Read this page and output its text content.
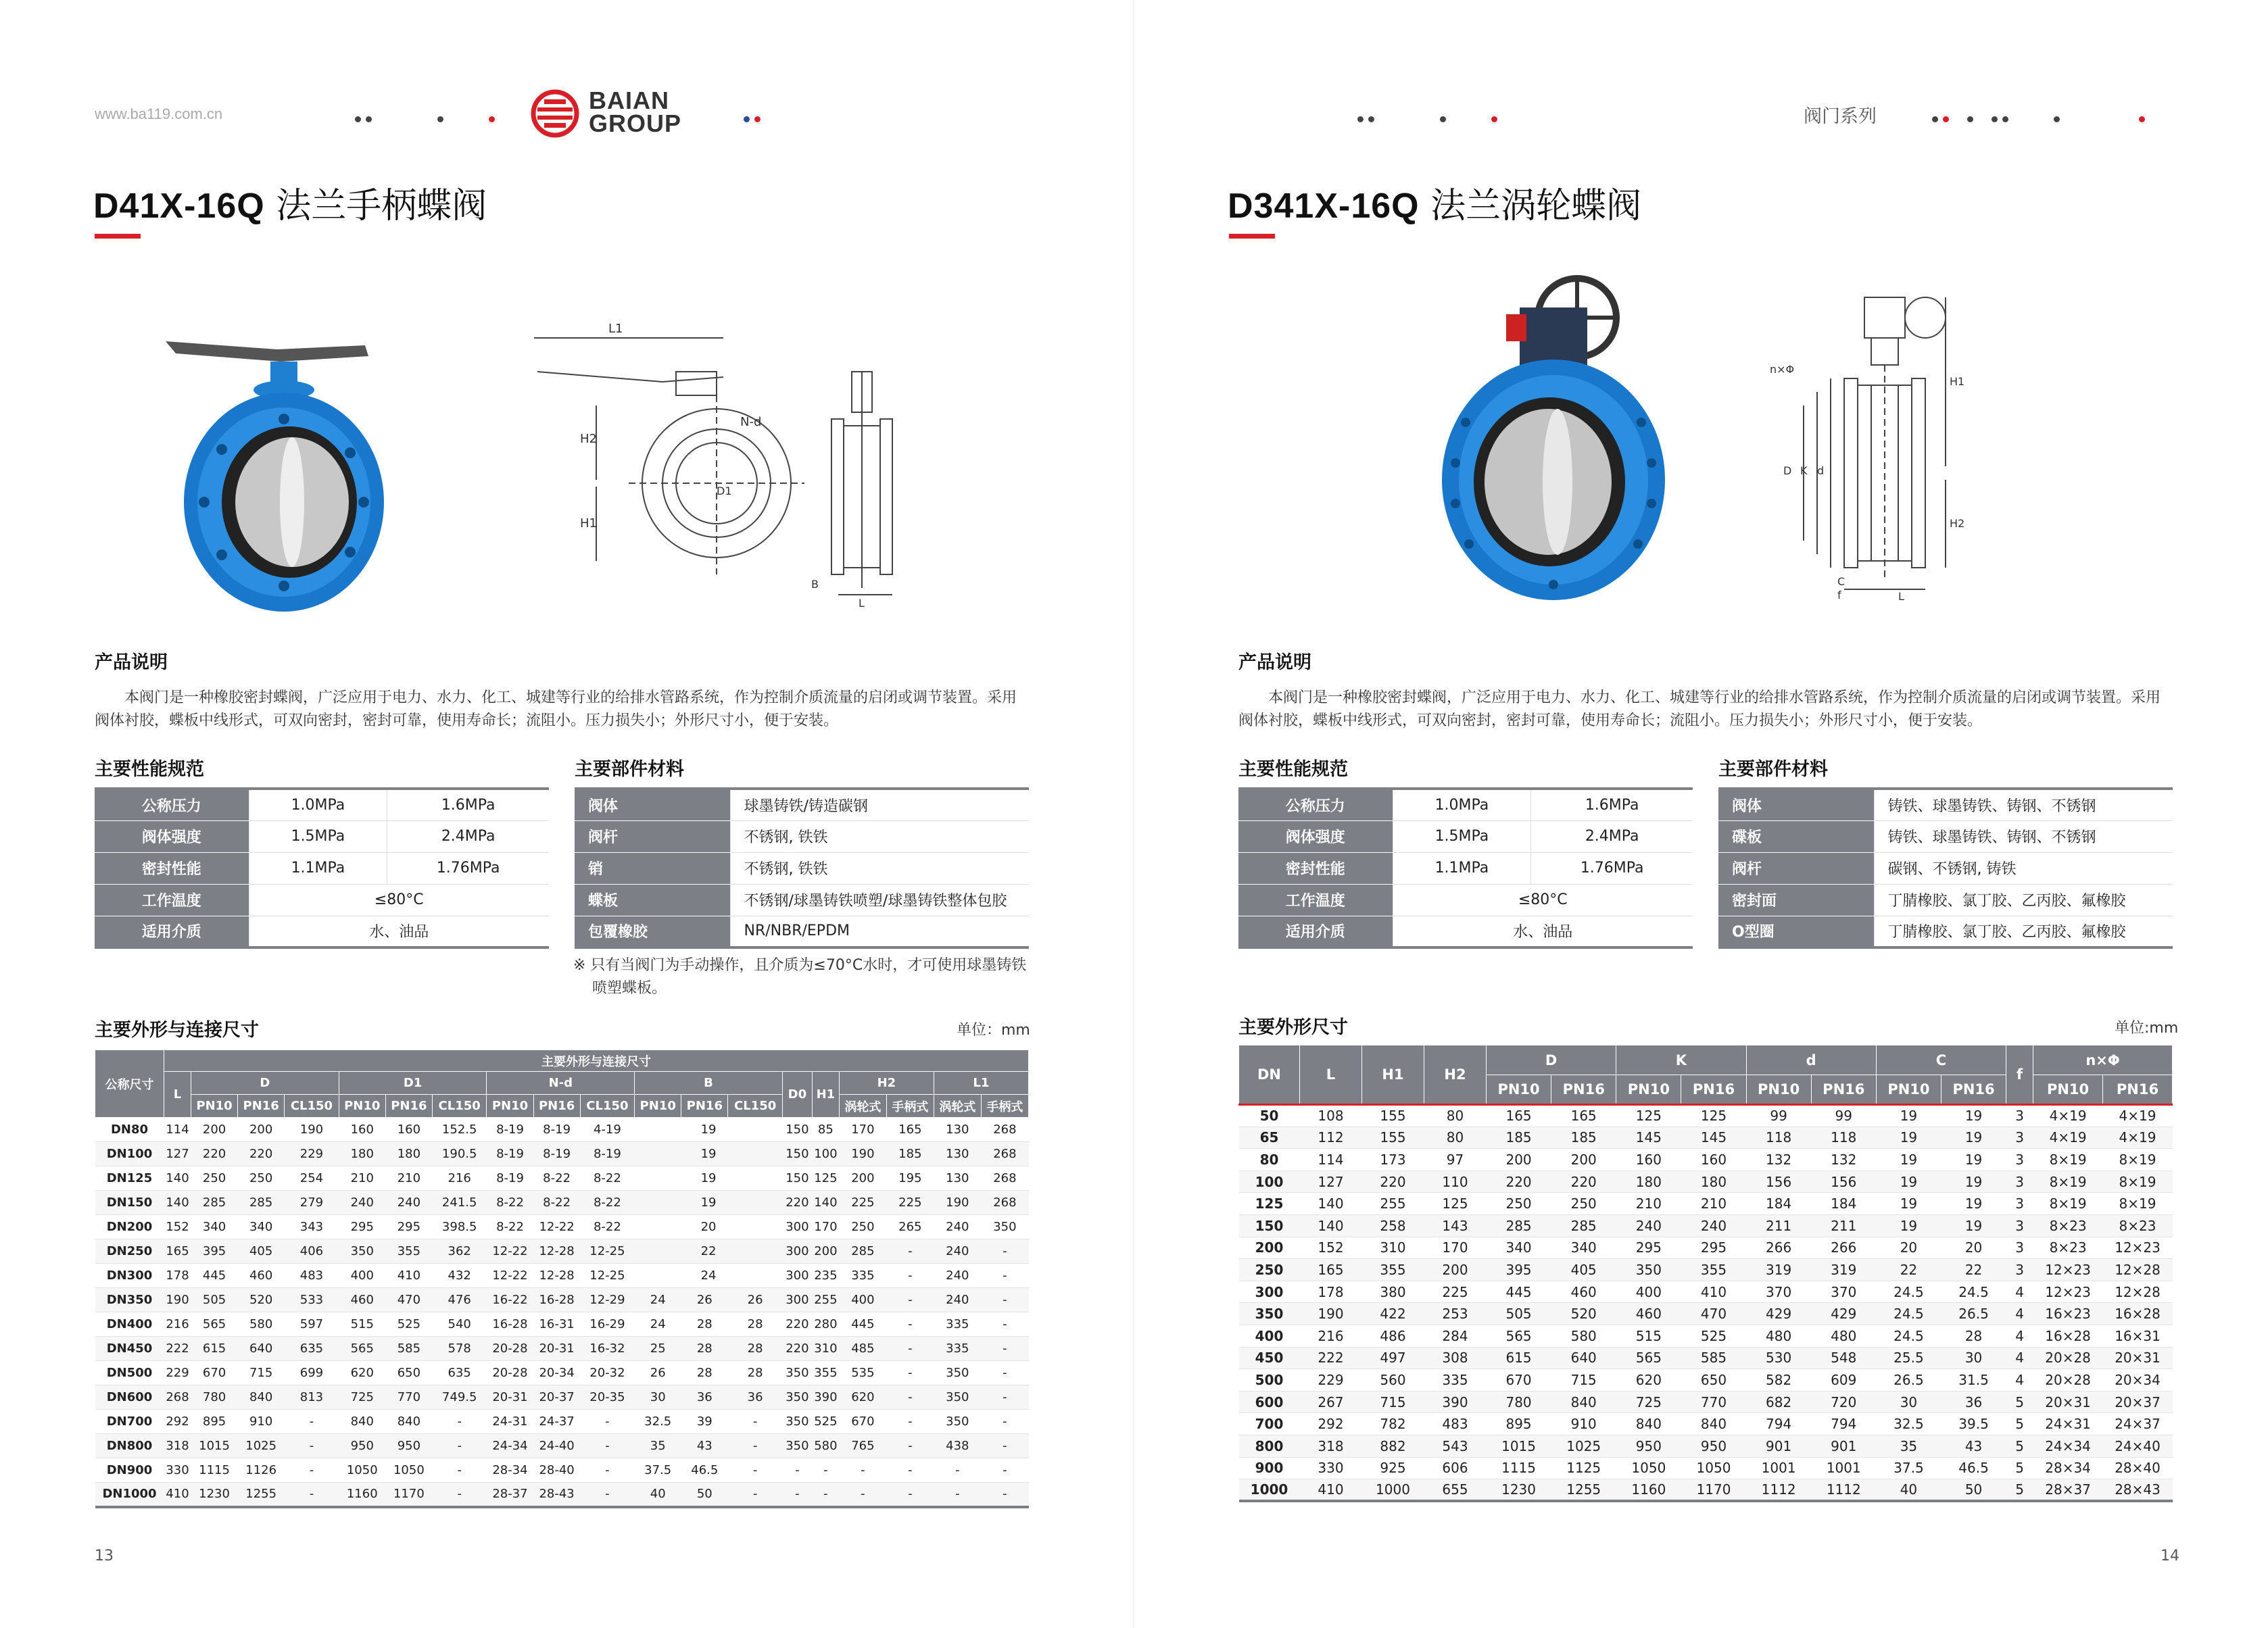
www.ba119.com.cn	BAIAN
GROUP
D41X-16Q 法兰手柄蝶阀
L1
H2
H1
N-d
D1
B
L
产品说明
本阀门是一种橡胶密封蝶阀，广泛应用于电力、水力、化工、城建等行业的给排水管路系统，作为控制介质流量的启闭或调节装置。采用阀体衬胶，蝶板中线形式，可双向密封，密封可靠，使用寿命长；流阻小。压力损失小；外形尺寸小，便于安装。
主要性能规范
公称压力	1.0MPa	1.6MPa
阀体强度	1.5MPa	2.4MPa
密封性能	1.1MPa	1.76MPa
工作温度	≤80°C	
适用介质	水、油品	
主要部件材料
阀体	球墨铸铁/铸造碳钢
阀杆	不锈钢, 铁铁
销	不锈钢, 铁铁
蝶板	不锈钢/球墨铸铁喷塑/球墨铸铁整体包胶
包覆橡胶	NR/NBR/EPDM
※ 只有当阀门为手动操作，且介质为≤70°C水时，才可使用球墨铸铁
喷塑蝶板。
主要外形与连接尺寸	单位：mm
公称尺寸	主要外形与连接尺寸																		
	L	D			D1			N-d			B			D0	H1	H2		L1	
		PN10	PN16	CL150	PN10	PN16	CL150	PN10	PN16	CL150	PN10	PN16	CL150			涡轮式	手柄式	涡轮式	手柄式
DN80	114	200	200	190	160	160	152.5	8-19	8-19	4-19	19			150	85	170	165	130	268
DN100	127	220	220	229	180	180	190.5	8-19	8-19	8-19	19			150	100	190	185	130	268
DN125	140	250	250	254	210	210	216	8-19	8-22	8-22	19			150	125	200	195	130	268
DN150	140	285	285	279	240	240	241.5	8-22	8-22	8-22	19			220	140	225	225	190	268
DN200	152	340	340	343	295	295	398.5	8-22	12-22	8-22	20			300	170	250	265	240	350
DN250	165	395	405	406	350	355	362	12-22	12-28	12-25	22			300	200	285	-	240	-
DN300	178	445	460	483	400	410	432	12-22	12-28	12-25	24			300	235	335	-	240	-
DN350	190	505	520	533	460	470	476	16-22	16-28	12-29	24	26	26	300	255	400	-	240	-
DN400	216	565	580	597	515	525	540	16-28	16-31	16-29	24	28	28	220	280	445	-	335	-
DN450	222	615	640	635	565	585	578	20-28	20-31	16-32	25	28	28	220	310	485	-	335	-
DN500	229	670	715	699	620	650	635	20-28	20-34	20-32	26	28	28	350	355	535	-	350	-
DN600	268	780	840	813	725	770	749.5	20-31	20-37	20-35	30	36	36	350	390	620	-	350	-
DN700	292	895	910	-	840	840	-	24-31	24-37	-	32.5	39	-	350	525	670	-	350	-
DN800	318	1015	1025	-	950	950	-	24-34	24-40	-	35	43	-	350	580	765	-	438	-
DN900	330	1115	1126	-	1050	1050	-	28-34	28-40	-	37.5	46.5	-	-	-	-	-	-	-
DN1000	410	1230	1255	-	1160	1170	-	28-37	28-43	-	40	50	-	-	-	-	-	-	-
13
阀门系列
D341X-16Q 法兰涡轮蝶阀
n×Φ
D K d
H1
H2
C
f	L
产品说明
本阀门是一种橡胶密封蝶阀，广泛应用于电力、水力、化工、城建等行业的给排水管路系统，作为控制介质流量的启闭或调节装置。采用阀体衬胶，蝶板中线形式，可双向密封，密封可靠，使用寿命长；流阻小。压力损失小；外形尺寸小，便于安装。
主要性能规范
公称压力	1.0MPa	1.6MPa
阀体强度	1.5MPa	2.4MPa
密封性能	1.1MPa	1.76MPa
工作温度	≤80°C	
适用介质	水、油品	
主要部件材料
阀体	铸铁、球墨铸铁、铸钢、不锈钢
碟板	铸铁、球墨铸铁、铸钢、不锈钢
阀杆	碳钢、不锈钢, 铸铁
密封面	丁腈橡胶、氯丁胶、乙丙胶、氟橡胶
O型圈	丁腈橡胶、氯丁胶、乙丙胶、氟橡胶
主要外形尺寸	单位:mm
DN	L	H1	H2	D		K		d		C		f	n×Φ	
				PN10	PN16	PN10	PN16	PN10	PN16	PN10	PN16		PN10	PN16
50	108	155	80	165	165	125	125	99	99	19	19	3	4×19	4×19
65	112	155	80	185	185	145	145	118	118	19	19	3	4×19	4×19
80	114	173	97	200	200	160	160	132	132	19	19	3	8×19	8×19
100	127	220	110	220	220	180	180	156	156	19	19	3	8×19	8×19
125	140	255	125	250	250	210	210	184	184	19	19	3	8×19	8×19
150	140	258	143	285	285	240	240	211	211	19	19	3	8×23	8×23
200	152	310	170	340	340	295	295	266	266	20	20	3	8×23	12×23
250	165	355	200	395	405	350	355	319	319	22	22	3	12×23	12×28
300	178	380	225	445	460	400	410	370	370	24.5	24.5	4	12×23	12×28
350	190	422	253	505	520	460	470	429	429	24.5	26.5	4	16×23	16×28
400	216	486	284	565	580	515	525	480	480	24.5	28	4	16×28	16×31
450	222	497	308	615	640	565	585	530	548	25.5	30	4	20×28	20×31
500	229	560	335	670	715	620	650	582	609	26.5	31.5	4	20×28	20×34
600	267	715	390	780	840	725	770	682	720	30	36	5	20×31	20×37
700	292	782	483	895	910	840	840	794	794	32.5	39.5	5	24×31	24×37
800	318	882	543	1015	1025	950	950	901	901	35	43	5	24×34	24×40
900	330	925	606	1115	1125	1050	1050	1001	1001	37.5	46.5	5	28×34	28×40
1000	410	1000	655	1230	1255	1160	1170	1112	1112	40	50	5	28×37	28×43
14
